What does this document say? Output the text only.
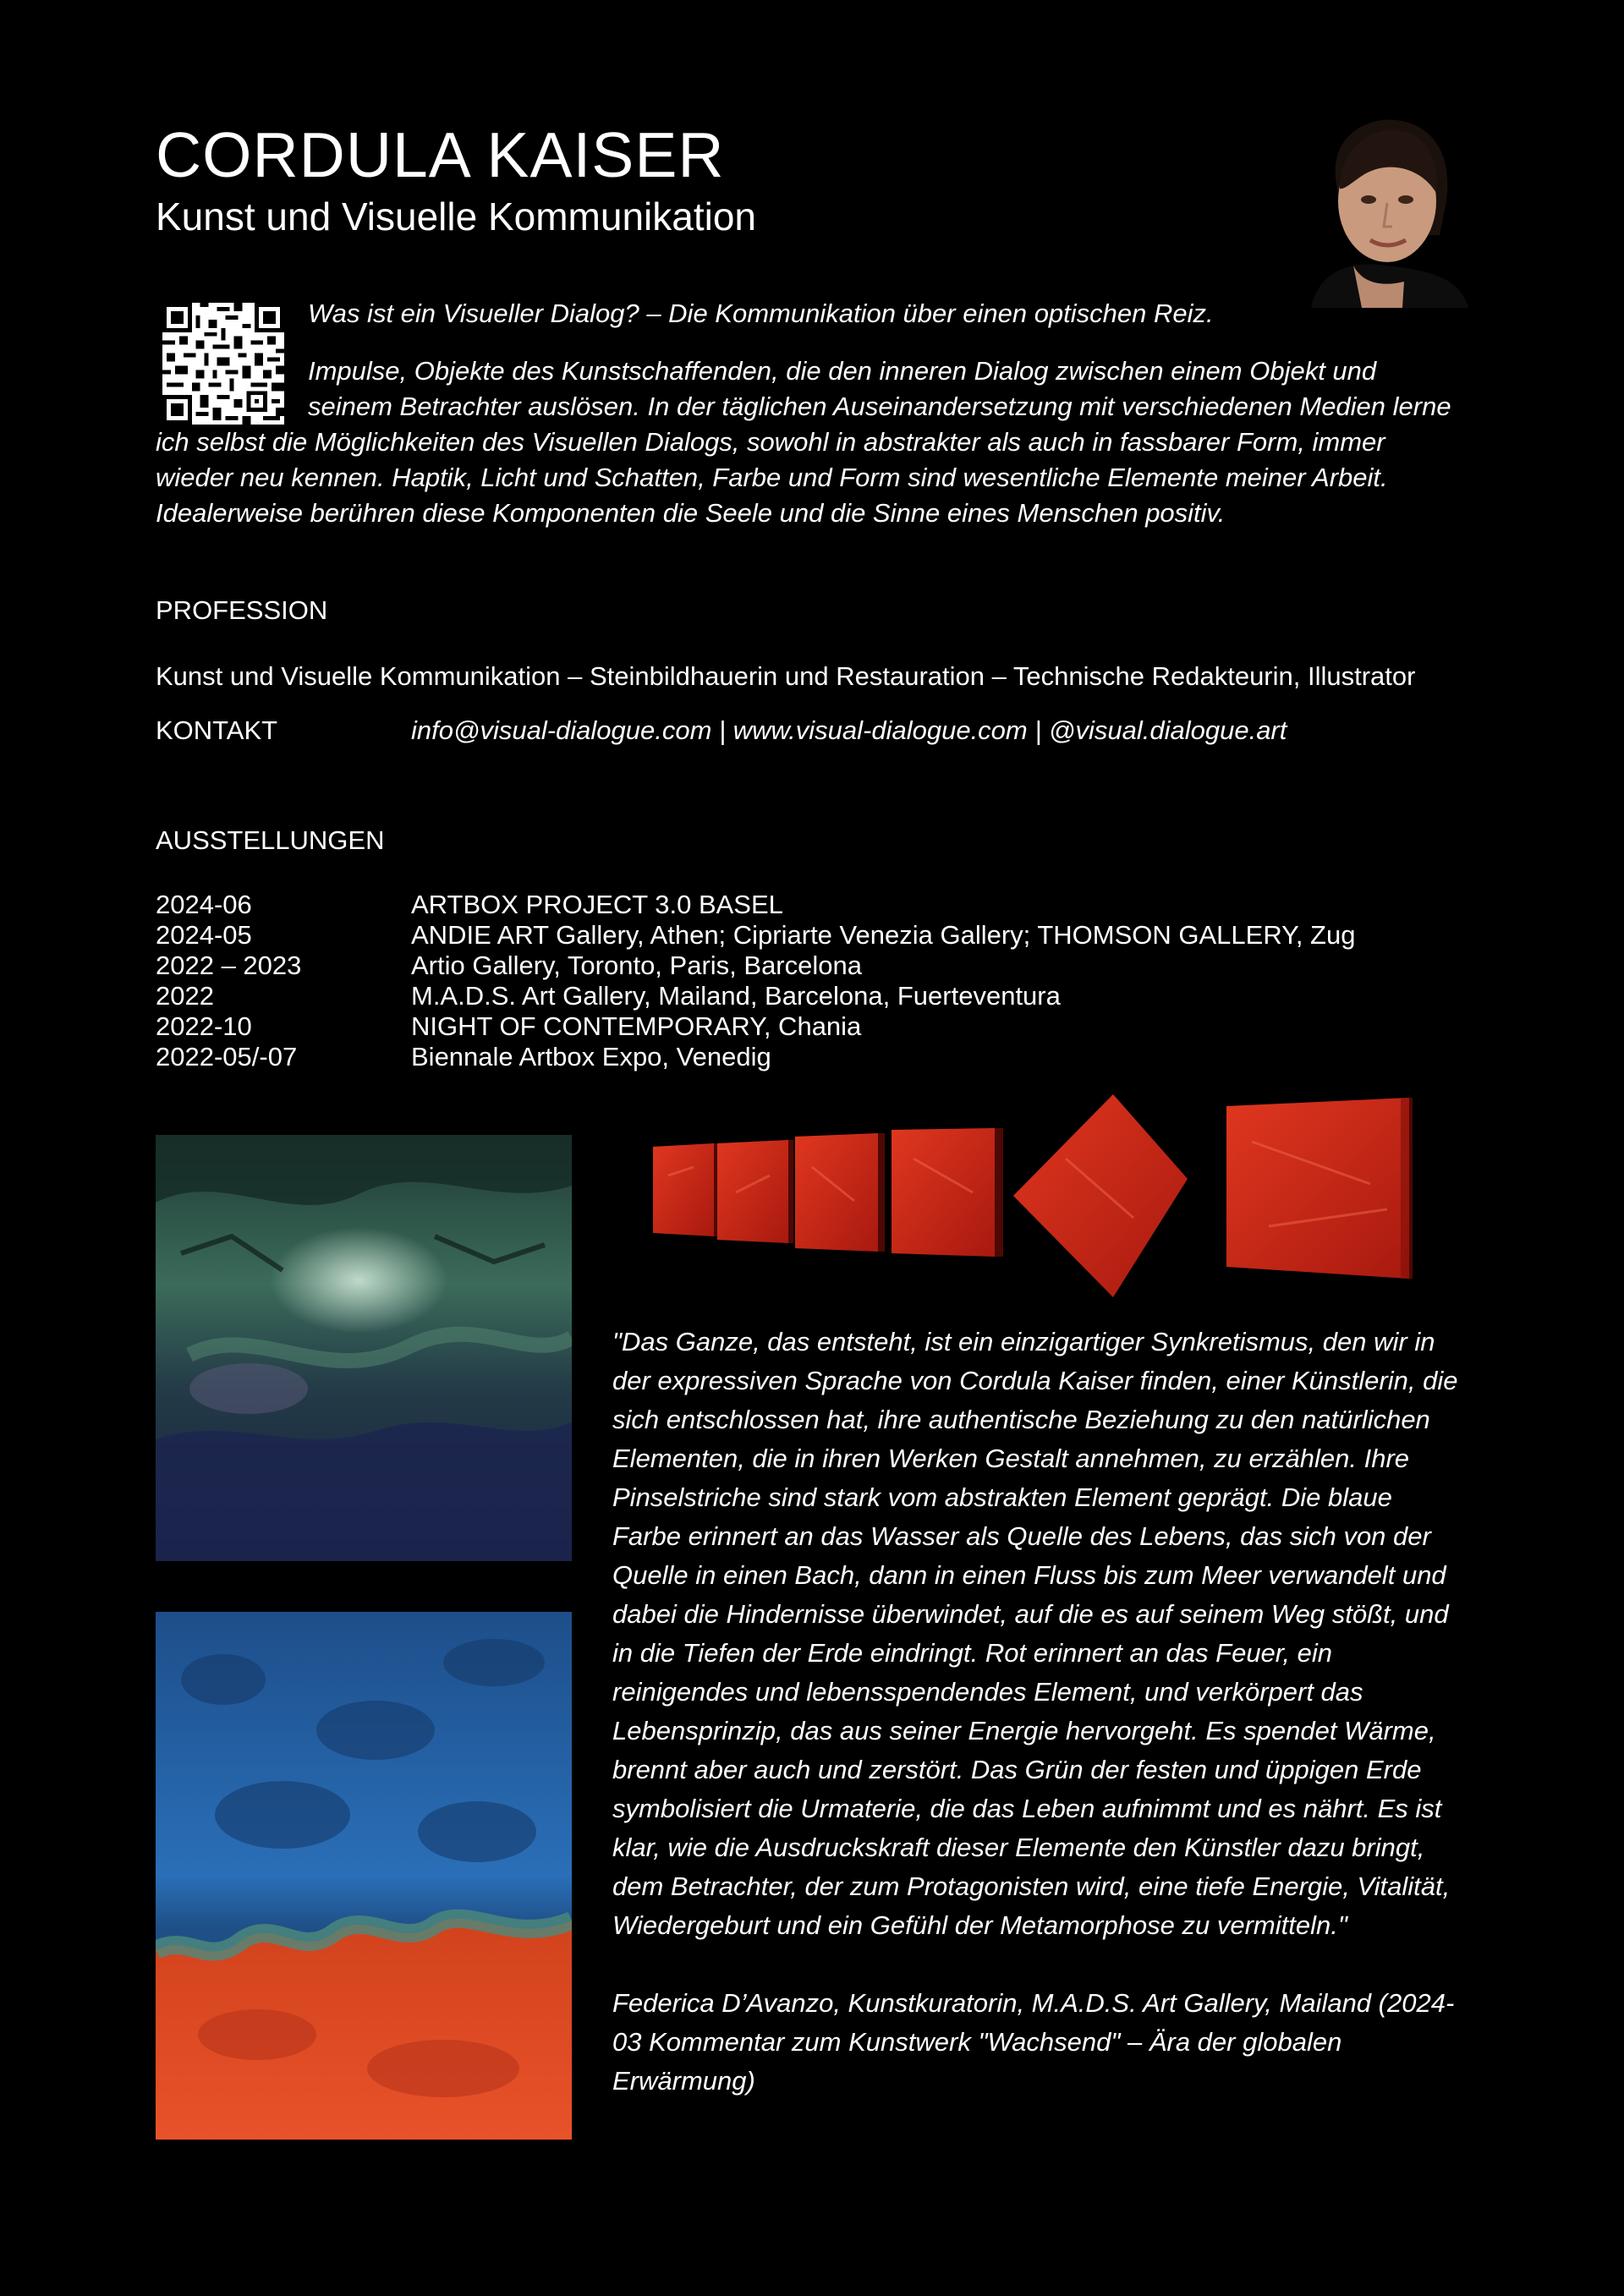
CORDULA KAISER
Kunst und Visuelle Kommunikation

Was ist ein Visueller Dialog? – Die Kommunikation über einen optischen Reiz.

Impulse, Objekte des Kunstschaffenden, die den inneren Dialog zwischen einem Objekt und seinem Betrachter auslösen. In der täglichen Auseinandersetzung mit verschiedenen Medien lerne ich selbst die Möglichkeiten des Visuellen Dialogs, sowohl in abstrakter als auch in fassbarer Form, immer wieder neu kennen. Haptik, Licht und Schatten, Farbe und Form sind wesentliche Elemente meiner Arbeit. Idealerweise berühren diese Komponenten die Seele und die Sinne eines Menschen positiv.

PROFESSION
Kunst und Visuelle Kommunikation – Steinbildhauerin und Restauration – Technische Redakteurin, Illustrator
KONTAKT	info@visual-dialogue.com | www.visual-dialogue.com | @visual.dialogue.art
AUSSTELLUNGEN
2024-06	ARTBOX PROJECT 3.0 BASEL
2024-05	ANDIE ART Gallery, Athen; Cipriarte Venezia Gallery; THOMSON GALLERY, Zug
2022 – 2023	Artio Gallery, Toronto, Paris, Barcelona
2022	M.A.D.S. Art Gallery, Mailand, Barcelona, Fuerteventura
2022-10	NIGHT OF CONTEMPORARY, Chania
2022-05/-07	Biennale Artbox Expo, Venedig

"Das Ganze, das entsteht, ist ein einzigartiger Synkretismus, den wir in der expressiven Sprache von Cordula Kaiser finden, einer Künstlerin, die sich entschlossen hat, ihre authentische Beziehung zu den natürlichen Elementen, die in ihren Werken Gestalt annehmen, zu erzählen. Ihre Pinselstriche sind stark vom abstrakten Element geprägt. Die blaue Farbe erinnert an das Wasser als Quelle des Lebens, das sich von der Quelle in einen Bach, dann in einen Fluss bis zum Meer verwandelt und dabei die Hindernisse überwindet, auf die es auf seinem Weg stößt, und in die Tiefen der Erde eindringt. Rot erinnert an das Feuer, ein reinigendes und lebensspendendes Element, und verkörpert das Lebensprinzip, das aus seiner Energie hervorgeht. Es spendet Wärme, brennt aber auch und zerstört. Das Grün der festen und üppigen Erde symbolisiert die Urmaterie, die das Leben aufnimmt und es nährt. Es ist klar, wie die Ausdruckskraft dieser Elemente den Künstler dazu bringt, dem Betrachter, der zum Protagonisten wird, eine tiefe Energie, Vitalität, Wiedergeburt und ein Gefühl der Metamorphose zu vermitteln."

Federica D’Avanzo, Kunstkuratorin, M.A.D.S. Art Gallery, Mailand (2024-03 Kommentar zum Kunstwerk "Wachsend" – Ära der globalen Erwärmung)
